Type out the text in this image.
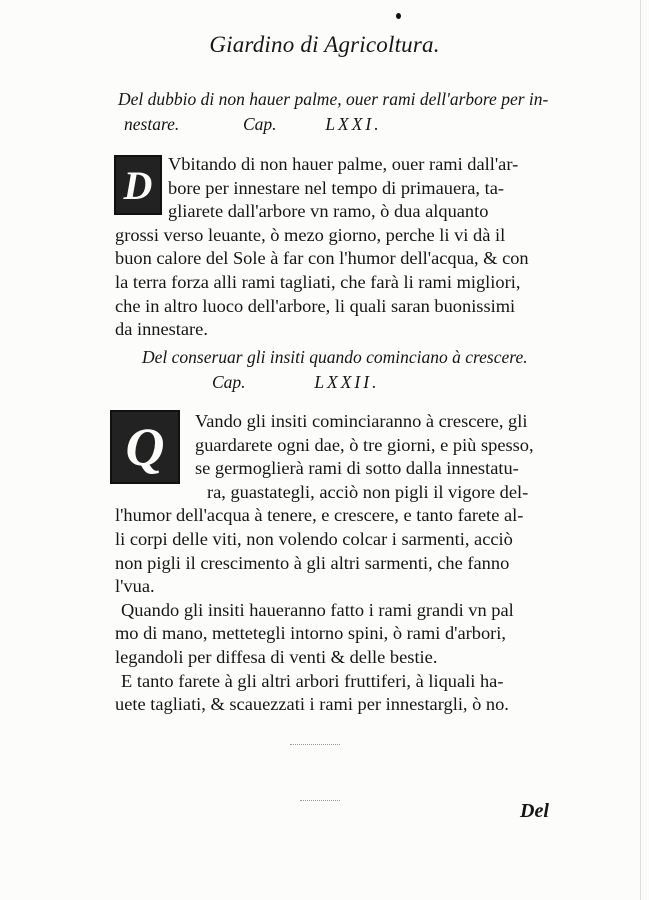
Giardino di Agricoltura.
Del dubbio di non hauer palme, ouer rami dell'arbore per in-
nestare.	Cap.	LXXI.
D Vbitando di non hauer palme, ouer rami dall'ar-
bore per innestare nel tempo di primauera, ta-
gliarete dall'arbore vn ramo, ò dua alquanto
grossi verso leuante, ò mezo giorno, perche li vi dà il
buon calore del Sole à far con l'humor dell'acqua, & con
la terra forza alli rami tagliati, che farà li rami migliori,
che in altro luoco dell'arbore, li quali saran buonissimi
da innestare.
Del conseruar gli insiti quando cominciano à crescere.
Cap.	LXXII.
Q	Vando gli insiti cominciaranno à crescere, gli
guardarete ogni dae, ò tre giorni, e più spesso,
se germoglierà rami di sotto dalla innestatu-
ra, guastategli, acciò non pigli il vigore del-
l'humor dell'acqua à tenere, e crescere, e tanto farete al-
li corpi delle viti, non volendo colcar i sarmenti, acciò
non pigli il crescimento à gli altri sarmenti, che fanno
l'vua.
Quando gli insiti haueranno fatto i rami grandi vn pal
mo di mano, mettetegli intorno spini, ò rami d'arbori,
legandoli per diffesa di venti & delle bestie.
E tanto farete à gli altri arbori fruttiferi, à liquali ha-
uete tagliati, & scauezzati i rami per innestargli, ò no.
Del
